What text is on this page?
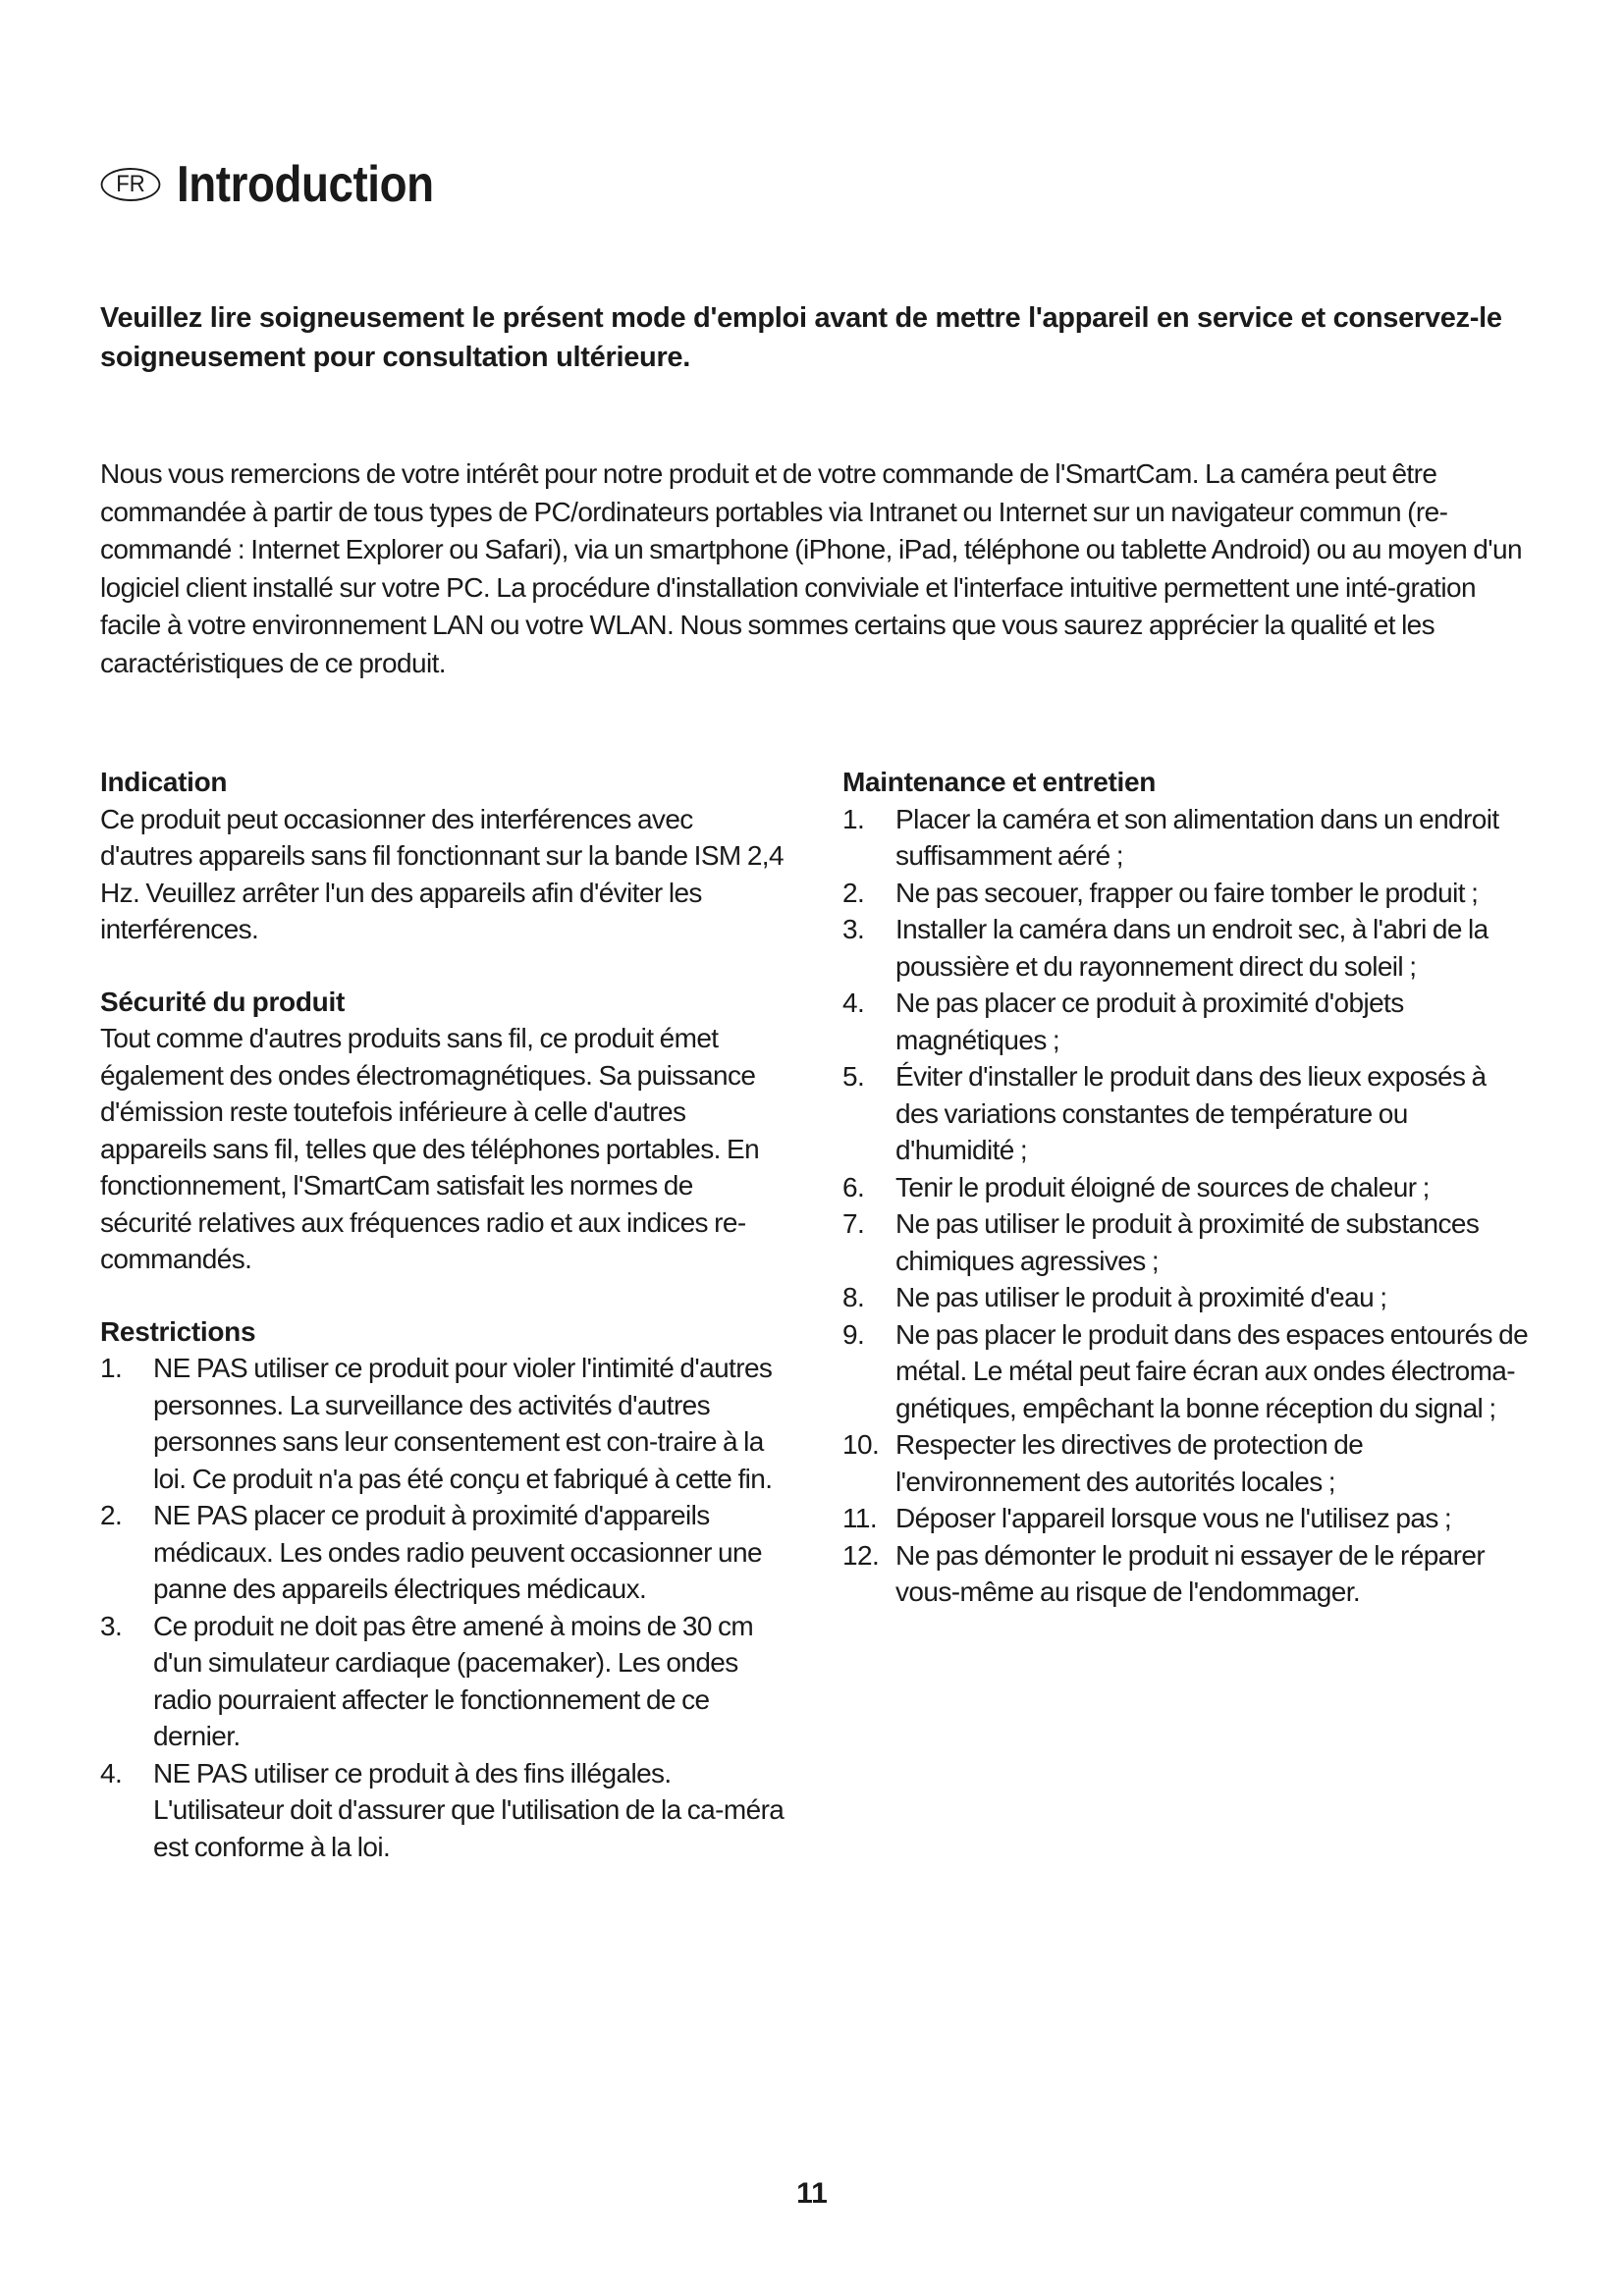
FR Introduction
Veuillez lire soigneusement le présent mode d'emploi avant de mettre l'appareil en service et conservez-le soigneusement pour consultation ultérieure.
Nous vous remercions de votre intérêt pour notre produit et de votre commande de l'SmartCam. La caméra peut être commandée à partir de tous types de PC/ordinateurs portables via Intranet ou Internet sur un navigateur commun (re-commandé : Internet Explorer ou Safari), via un smartphone (iPhone, iPad, téléphone ou tablette Android) ou au moyen d'un logiciel client installé sur votre PC. La procédure d'installation conviviale et l'interface intuitive permettent une inté-gration facile à votre environnement LAN ou votre WLAN. Nous sommes certains que vous saurez apprécier la qualité et les caractéristiques de ce produit.
Indication
Ce produit peut occasionner des interférences avec d'autres appareils sans fil fonctionnant sur la bande ISM 2,4 Hz. Veuillez arrêter l'un des appareils afin d'éviter les interférences.
Sécurité du produit
Tout comme d'autres produits sans fil, ce produit émet également des ondes électromagnétiques. Sa puissance d'émission reste toutefois inférieure à celle d'autres appareils sans fil, telles que des téléphones portables. En fonctionnement, l'SmartCam satisfait les normes de sécurité relatives aux fréquences radio et aux indices re-commandés.
Restrictions
1. NE PAS utiliser ce produit pour violer l'intimité d'autres personnes. La surveillance des activités d'autres personnes sans leur consentement est con-traire à la loi. Ce produit n'a pas été conçu et fabriqué à cette fin.
2. NE PAS placer ce produit à proximité d'appareils médicaux. Les ondes radio peuvent occasionner une panne des appareils électriques médicaux.
3. Ce produit ne doit pas être amené à moins de 30 cm d'un simulateur cardiaque (pacemaker). Les ondes radio pourraient affecter le fonctionnement de ce dernier.
4. NE PAS utiliser ce produit à des fins illégales. L'utilisateur doit d'assurer que l'utilisation de la ca-méra est conforme à la loi.
Maintenance et entretien
1. Placer la caméra et son alimentation dans un endroit suffisamment aéré ;
2. Ne pas secouer, frapper ou faire tomber le produit ;
3. Installer la caméra dans un endroit sec, à l'abri de la poussière et du rayonnement direct du soleil ;
4. Ne pas placer ce produit à proximité d'objets magnétiques ;
5. Éviter d'installer le produit dans des lieux exposés à des variations constantes de température ou d'humidité ;
6. Tenir le produit éloigné de sources de chaleur ;
7. Ne pas utiliser le produit à proximité de substances chimiques agressives ;
8. Ne pas utiliser le produit à proximité d'eau ;
9. Ne pas placer le produit dans des espaces entourés de métal. Le métal peut faire écran aux ondes électroma-gnétiques, empêchant la bonne réception du signal ;
10. Respecter les directives de protection de l'environnement des autorités locales ;
11. Déposer l'appareil lorsque vous ne l'utilisez pas ;
12. Ne pas démonter le produit ni essayer de le réparer vous-même au risque de l'endommager.
11
